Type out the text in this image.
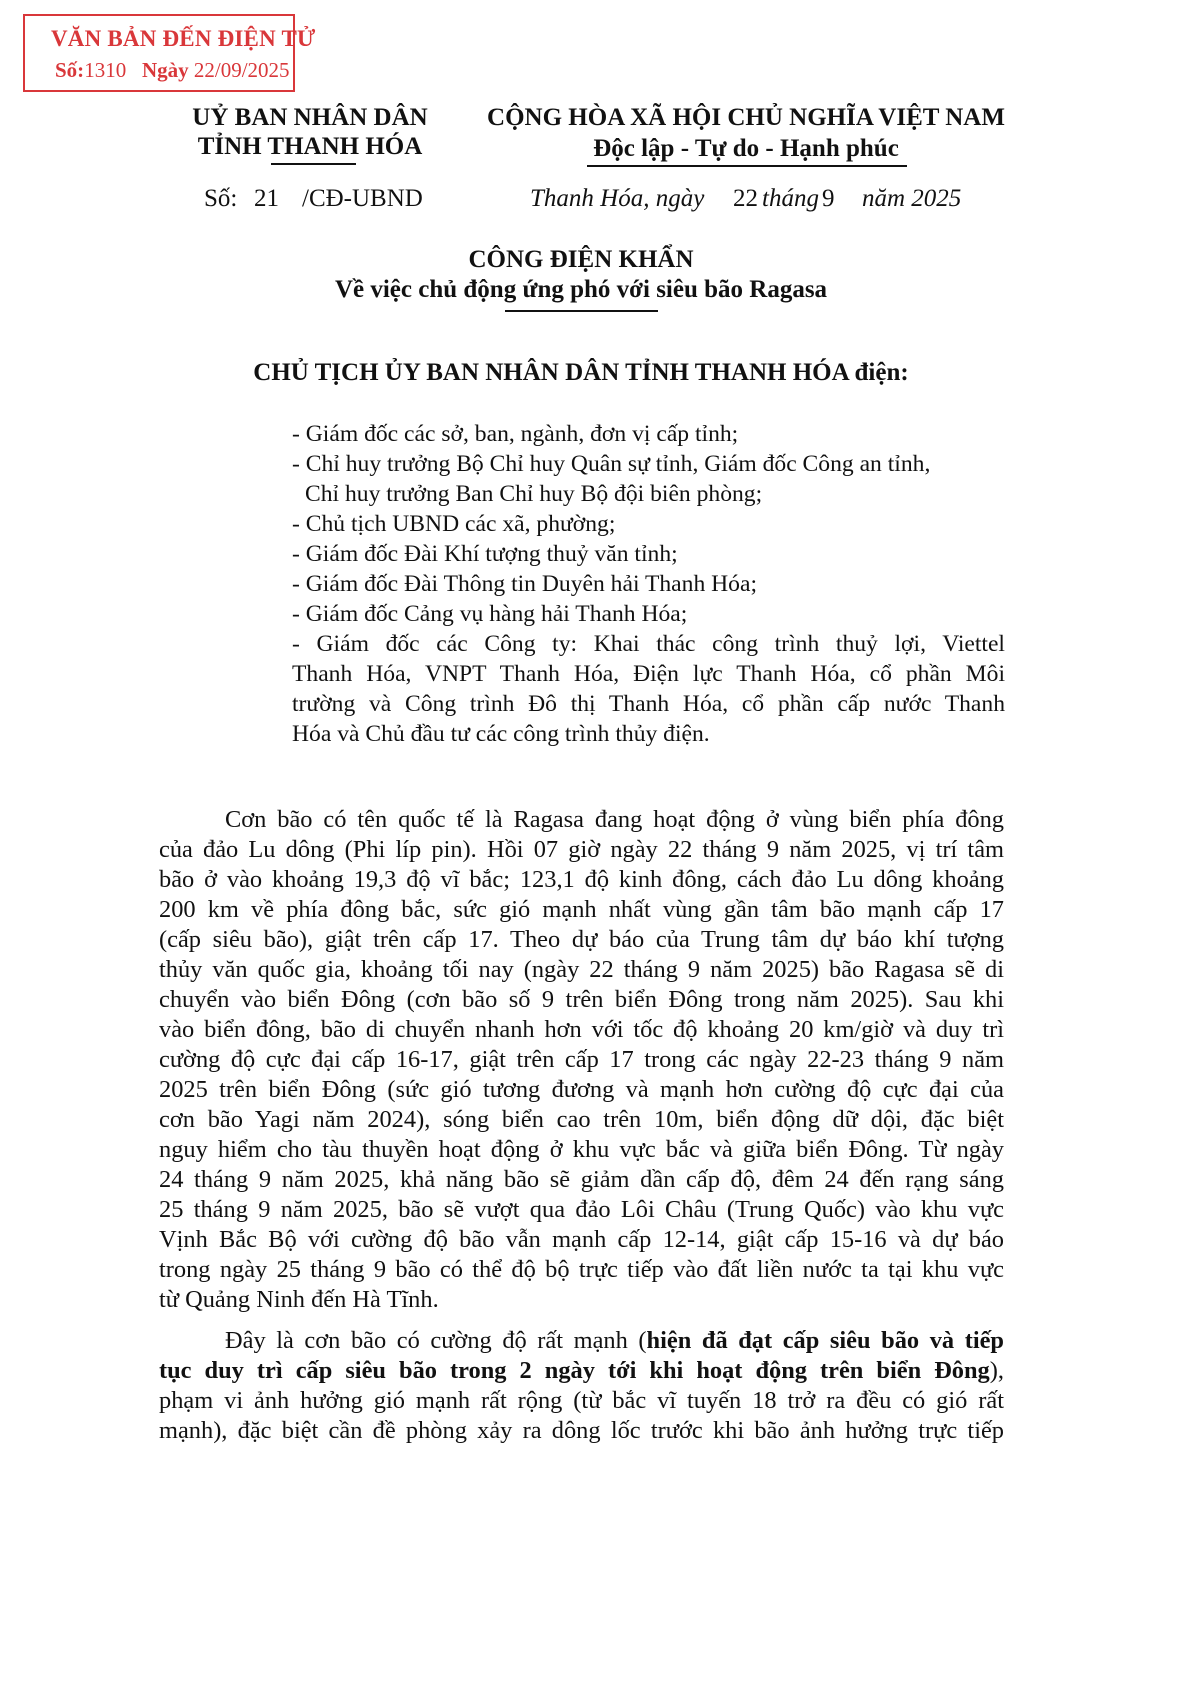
VĂN BẢN ĐẾN ĐIỆN TỬ
Số:1310 Ngày 22/09/2025
UỶ BAN NHÂN DÂN
TỈNH THANH HÓA
CỘNG HÒA XÃ HỘI CHỦ NGHĨA VIỆT NAM
Độc lập - Tự do - Hạnh phúc
Số: 21 /CĐ-UBND	Thanh Hóa, ngày 22 tháng 9 năm 2025
CÔNG ĐIỆN KHẨN
Về việc chủ động ứng phó với siêu bão Ragasa
CHỦ TỊCH ỦY BAN NHÂN DÂN TỈNH THANH HÓA điện:
- Giám đốc các sở, ban, ngành, đơn vị cấp tỉnh;
- Chỉ huy trưởng Bộ Chỉ huy Quân sự tỉnh, Giám đốc Công an tỉnh,
Chỉ huy trưởng Ban Chỉ huy Bộ đội biên phòng;
- Chủ tịch UBND các xã, phường;
- Giám đốc Đài Khí tượng thuỷ văn tỉnh;
- Giám đốc Đài Thông tin Duyên hải Thanh Hóa;
- Giám đốc Cảng vụ hàng hải Thanh Hóa;
- Giám đốc các Công ty: Khai thác công trình thuỷ lợi, Viettel
Thanh Hóa, VNPT Thanh Hóa, Điện lực Thanh Hóa, cổ phần Môi
trường và Công trình Đô thị Thanh Hóa, cổ phần cấp nước Thanh
Hóa và Chủ đầu tư các công trình thủy điện.
Cơn bão có tên quốc tế là Ragasa đang hoạt động ở vùng biển phía đông
của đảo Lu dông (Phi líp pin). Hồi 07 giờ ngày 22 tháng 9 năm 2025, vị trí tâm
bão ở vào khoảng 19,3 độ vĩ bắc; 123,1 độ kinh đông, cách đảo Lu dông khoảng
200 km về phía đông bắc, sức gió mạnh nhất vùng gần tâm bão mạnh cấp 17
(cấp siêu bão), giật trên cấp 17. Theo dự báo của Trung tâm dự báo khí tượng
thủy văn quốc gia, khoảng tối nay (ngày 22 tháng 9 năm 2025) bão Ragasa sẽ di
chuyển vào biển Đông (cơn bão số 9 trên biển Đông trong năm 2025). Sau khi
vào biển đông, bão di chuyển nhanh hơn với tốc độ khoảng 20 km/giờ và duy trì
cường độ cực đại cấp 16-17, giật trên cấp 17 trong các ngày 22-23 tháng 9 năm
2025 trên biển Đông (sức gió tương đương và mạnh hơn cường độ cực đại của
cơn bão Yagi năm 2024), sóng biển cao trên 10m, biển động dữ dội, đặc biệt
nguy hiểm cho tàu thuyền hoạt động ở khu vực bắc và giữa biển Đông. Từ ngày
24 tháng 9 năm 2025, khả năng bão sẽ giảm dần cấp độ, đêm 24 đến rạng sáng
25 tháng 9 năm 2025, bão sẽ vượt qua đảo Lôi Châu (Trung Quốc) vào khu vực
Vịnh Bắc Bộ với cường độ bão vẫn mạnh cấp 12-14, giật cấp 15-16 và dự báo
trong ngày 25 tháng 9 bão có thể độ bộ trực tiếp vào đất liền nước ta tại khu vực
từ Quảng Ninh đến Hà Tĩnh.
Đây là cơn bão có cường độ rất mạnh (hiện đã đạt cấp siêu bão và tiếp
tục duy trì cấp siêu bão trong 2 ngày tới khi hoạt động trên biển Đông),
phạm vi ảnh hưởng gió mạnh rất rộng (từ bắc vĩ tuyến 18 trở ra đều có gió rất
mạnh), đặc biệt cần đề phòng xảy ra dông lốc trước khi bão ảnh hưởng trực tiếp
